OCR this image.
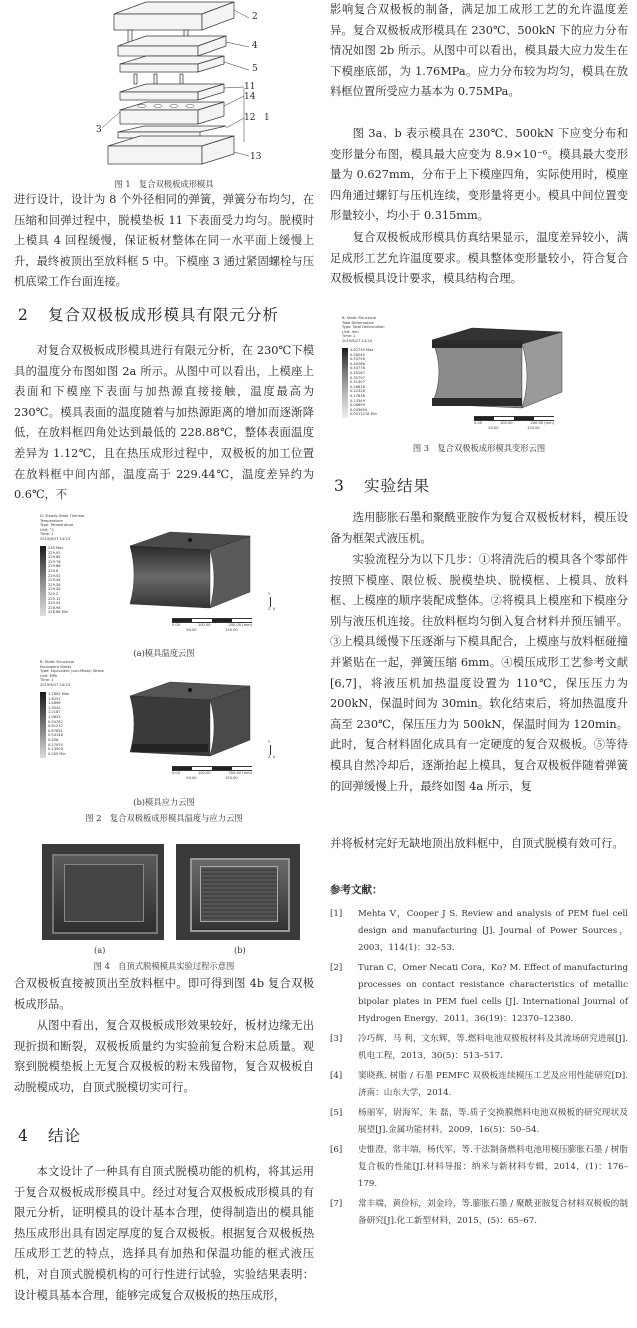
2
4
5
11
14
12 1
3
13
图 1　复合双极板成形模具

进行设计，设计为 8 个外径相同的弹簧，弹簧分布均匀，在压缩和回弹过程中，脱模垫板 11 下表面受力均匀。脱模时上模具 4 回程缓慢，保证板材整体在同一水平面上缓慢上升，最终被顶出至放料框 5 中。下模座 3 通过紧固螺栓与压机底梁工作台面连接。

2 复合双极板成形模具有限元分析

对复合双极板成形模具进行有限元分析，在 230℃下模具的温度分布图如图 2a 所示。从图中可以看出，上模座上表面和下模座下表面与加热源直接接触，温度最高为 230℃。模具表面的温度随着与加热源距离的增加而逐渐降低，在放料框四角处达到最低的 228.88℃，整体表面温度差异为 1.12℃，且在热压成形过程中，双极板的加工位置在放料框中间内部，温度高于 229.44℃，温度差异约为 0.6℃，不

D: Steady-State Thermal
Temperature
Type: Temperature
Unit: °C
Time: 1
2019/6/27 14:23
230 Max
229.92
229.84
229.76
229.68
229.6
229.52
229.44
229.36
229.28
229.2
229.12
229.04
228.96
228.88 Min
0.00	100.00	200.00 (mm)
50.00	150.00
Y
Z X
(a)模具温度云图
B: Static Structural
Equivalent Stress
Type: Equivalent (von-Mises) Stress
Unit: MPa
Time: 1
2019/6/27 14:23
1.7605 Max
1.6251
1.4896
1.3542
1.2187
1.0833
0.94782
0.81237
0.67691
0.54146
0.406
0.27055
0.13509
0.005 Min
0.00	100.00	200.00 (mm)
50.00	150.00
Y
Z X
(b)模具应力云图
图 2　复合双极板成形模具温度与应力云图
(a)	(b)
图 4　自顶式脱模模具实验过程示意图

合双极板直接被顶出至放料框中。即可得到图 4b 复合双极板成形品。

从图中看出，复合双极板成形效果较好，板材边缘无出现折损和断裂，双极板质量约为实验前复合粉末总质量。观察到脱模垫板上无复合双极板的粉末残留物，复合双极板自动脱模成功，自顶式脱模切实可行。

4 结论

本文设计了一种具有自顶式脱模功能的机构，将其运用于复合双极板成形模具中。经过对复合双极板成形模具的有限元分析，证明模具的设计基本合理，使得制造出的模具能热压成形出具有固定厚度的复合双极板。根据复合双极板热压成形工艺的特点，选择具有加热和保温功能的框式液压机，对自顶式脱模机构的可行性进行试验，实验结果表明：设计模具基本合理，能够完成复合双极板的热压成形，

影响复合双极板的制备，满足加工成形工艺的允许温度差异。复合双极板成形模具在 230℃、500kN 下的应力分布情况如图 2b 所示。从图中可以看出，模具最大应力发生在下模座底部，为 1.76MPa。应力分布较为均匀，模具在放料框位置所受应力基本为 0.75MPa。

图 3a、b 表示模具在 230℃、500kN 下应变分布和变形量分布图，模具最大应变为 8.9×10⁻⁶。模具最大变形量为 0.627mm，分布于上下模座四角，实际使用时，模座四角通过螺钉与压机连续，变形量将更小。模具中间位置变形量较小，均小于 0.315mm。

复合双极板成形模具仿真结果显示，温度差异较小，满足成形工艺允许温度要求。模具整体变形量较小，符合复合双极板模具设计要求，模具结构合理。

B: Static Structural
Total Deformation
Type: Total Deformation
Unit: mm
Time: 1
2019/6/27 14:24
0.62735 Max
0.58245
0.53756
0.49266
0.44776
0.40287
0.35797
0.31307
0.26818
0.22328
0.17838
0.13349
0.08859
0.043694
0.0011218 Min
0.00	100.00	200.00 (mm)
50.00	150.00
图 3　复合双极板成形模具变形云图
3 实验结果

选用膨胀石墨和聚酰亚胺作为复合双极板材料，模压设备为框架式液压机。

实验流程分为以下几步：①将清洗后的模具各个零部件按照下模座、限位板、脱模垫块、脱模框、上模具、放料框、上模座的顺序装配成整体。②将模具上模座和下模座分别与液压机连接。往放料框均匀倒入复合材料并预压铺平。③上模具缓慢下压逐渐与下模具配合，上模座与放料框碰撞并紧贴在一起，弹簧压缩 6mm。④模压成形工艺参考文献[6,7]，将液压机加热温度设置为 110℃，保压压力为 200kN，保温时间为 30min。软化结束后，将加热温度升高至 230℃，保压压力为 500kN，保温时间为 120min。此时，复合材料固化成具有一定硬度的复合双极板。⑤等待模具自然冷却后，逐渐抬起上模具，复合双极板伴随着弹簧的回弹缓慢上升，最终如图 4a 所示，复

并将板材完好无缺地顶出放料框中，自顶式脱模有效可行。

参考文献：
[1]	Mehta V，Cooper J S. Review and analysis of PEM fuel cell design and manufacturing [J]. Journal of Power Sources，2003，114(1)：32–53.
[2]	Turan C，Omer Necati Cora，Ko? M. Effect of manufacturing processes on contact resistance characteristics of metallic bipolar plates in PEM fuel cells [J]. International Journal of Hydrogen Energy，2011，36(19)：12370–12380.
[3]	冷巧辉，马 利，文东辉，等.燃料电池双极板材料及其流场研究进展[J].机电工程，2013，30(5)：513–517.
[4]	窦晓燕. 树脂 / 石墨 PEMFC 双极板连续模压工艺及应用性能研究[D].济南：山东大学，2014.
[5]	杨丽军，尉海军，朱 磊，等.质子交换膜燃料电池双极板的研究现状及展望[J].金属功能材料，2009，16(5)：50–54.
[6]	史惟澄，常丰端，杨代军，等.干法制备燃料电池用模压膨胀石墨 / 树脂复合板的性能[J].材料导报：纳米与新材料专辑，2014，(1)：176–179.
[7]	常丰端，黄俭标，刘金玲，等.膨胀石墨 / 聚酰亚胺复合材料双极板的制备研究[J].化工新型材料，2015，(5)：65–67.
